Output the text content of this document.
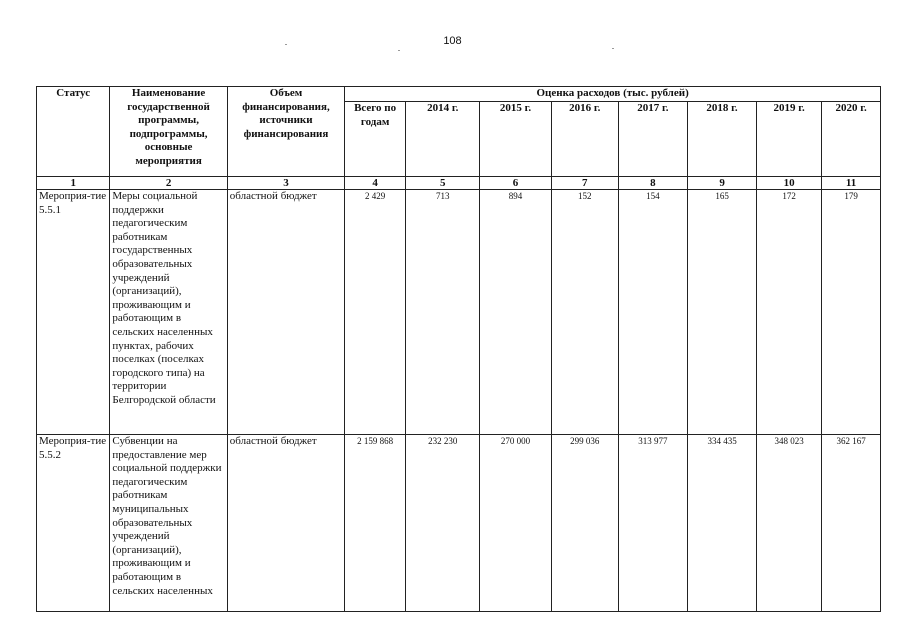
108
Статус	Наименование государственной программы, подпрограммы, основные мероприятия	Объем финансирования, источники финансирования	Оценка расходов (тыс. рублей)							
			Всего по годам	2014 г.	2015 г.	2016 г.	2017 г.	2018 г.	2019 г.	2020 г.
1	2	3	4	5	6	7	8	9	10	11
Мероприя-тие 5.5.1	Меры социальной поддержки педагогическим работникам государственных образовательных учреждений (организаций), проживающим и работающим в сельских населенных пунктах, рабочих поселках (поселках городского типа) на территории Белгородской области	областной бюджет	2 429	713	894	152	154	165	172	179
Мероприя-тие 5.5.2	Субвенции на предоставление мер социальной поддержки педагогическим работникам муниципальных образовательных учреждений (организаций), проживающим и работающим в сельских населенных	областной бюджет	2 159 868	232 230	270 000	299 036	313 977	334 435	348 023	362 167
